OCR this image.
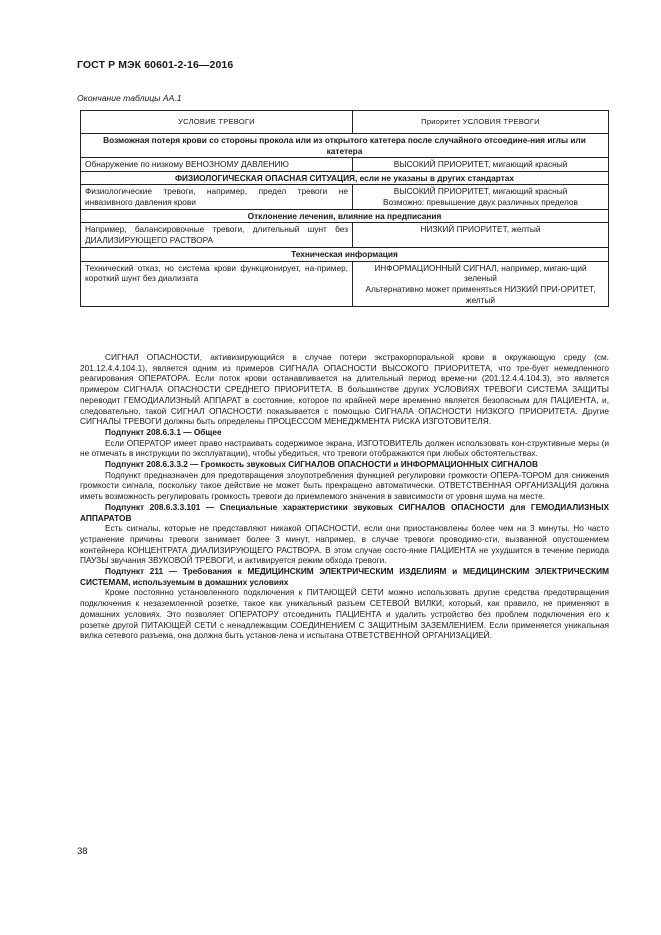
ГОСТ Р МЭК 60601-2-16—2016
Окончание таблицы АА.1
УСЛОВИЕ ТРЕВОГИ	Приоритет УСЛОВИЯ ТРЕВОГИ
Возможная потеря крови со стороны прокола или из открытого катетера после случайного отсоедине-ния иглы или катетера	
Обнаружение по низкому ВЕНОЗНОМУ ДАВЛЕНИЮ	ВЫСОКИЙ ПРИОРИТЕТ, мигающий красный
ФИЗИОЛОГИЧЕСКАЯ ОПАСНАЯ СИТУАЦИЯ, если не указаны в других стандартах	
Физиологические тревоги, например, предел тревоги не инвазивного давления крови	ВЫСОКИЙ ПРИОРИТЕТ, мигающий красный
Возможно: превышение двух различных пределов

Отклонение лечения, влияние на предписания	
Например, балансировочные тревоги, длительный шунт без ДИАЛИЗИРУЮЩЕГО РАСТВОРА	НИЗКИЙ ПРИОРИТЕТ, желтый
Техническая информация	
Технический отказ, но система крови функционирует, на-пример, короткий шунт без диализата	ИНФОРМАЦИОННЫЙ СИГНАЛ, например, мигаю-щий зеленый
Альтернативно может применяться НИЗКИЙ ПРИ-ОРИТЕТ, желтый

СИГНАЛ ОПАСНОСТИ, активизирующийся в случае потери экстракорпоральной крови в окружающую среду (см. 201.12.4.4.104.1), является одним из примеров СИГНАЛА ОПАСНОСТИ ВЫСОКОГО ПРИОРИТЕТА, что тре-бует немедленного реагирования ОПЕРАТОРА. Если поток крови останавливается на длительный период време-ни (201.12.4.4.104.3), это является примером СИГНАЛА ОПАСНОСТИ СРЕДНЕГО ПРИОРИТЕТА. В большинстве других УСЛОВИЯХ ТРЕВОГИ СИСТЕМА ЗАЩИТЫ переводит ГЕМОДИАЛИЗНЫЙ АППАРАТ в состояние, которое по крайней мере временно является безопасным для ПАЦИЕНТА, и, следовательно, такой СИГНАЛ ОПАСНОСТИ показывается с помощью СИГНАЛА ОПАСНОСТИ НИЗКОГО ПРИОРИТЕТА. Другие СИГНАЛЫ ТРЕВОГИ должны быть определены ПРОЦЕССОМ МЕНЕДЖМЕНТА РИСКА ИЗГОТОВИТЕЛЯ.

Подпункт 208.6.3.1 — Общее

Если ОПЕРАТОР имеет право настраивать содержимое экрана, ИЗГОТОВИТЕЛЬ должен использовать кон-структивные меры (и не отмечать в инструкции по эксплуатации), чтобы убедиться, что тревоги отображаются при любых обстоятельствах.

Подпункт 208.6.3.3.2 — Громкость звуковых СИГНАЛОВ ОПАСНОСТИ и ИНФОРМАЦИОННЫХ СИГНАЛОВ

Подпункт предназначен для предотвращения злоупотребления функцией регулировки громкости ОПЕРА-ТОРОМ для снижения громкости сигнала, поскольку такое действие не может быть прекращено автоматически. ОТВЕТСТВЕННАЯ ОРГАНИЗАЦИЯ должна иметь возможность регулировать громкость тревоги до приемлемого значения в зависимости от уровня шума на месте.

Подпункт 208.6.3.3.101 — Специальные характеристики звуковых СИГНАЛОВ ОПАСНОСТИ для ГЕМОДИАЛИЗНЫХ АППАРАТОВ

Есть сигналы, которые не представляют никакой ОПАСНОСТИ, если они приостановлены более чем на 3 минуты. Но часто устранение причины тревоги занимает более 3 минут, например, в случае тревоги проводимо-сти, вызванной опустошением контейнера КОНЦЕНТРАТА ДИАЛИЗИРУЮЩЕГО РАСТВОРА. В этом случае состо-яние ПАЦИЕНТА не ухудшится в течение периода ПАУЗЫ звучания ЗВУКОВОЙ ТРЕВОГИ, и активируется режим обхода тревоги.

Подпункт 211 — Требования к МЕДИЦИНСКИМ ЭЛЕКТРИЧЕСКИМ ИЗДЕЛИЯМ и МЕДИЦИНСКИМ ЭЛЕКТРИЧЕСКИМ СИСТЕМАМ, используемым в домашних условиях

Кроме постоянно установленного подключения к ПИТАЮЩЕЙ СЕТИ можно использовать другие средства предотвращения подключения к незаземленной розетке, такое как уникальный разъем СЕТЕВОЙ ВИЛКИ, который, как правило, не применяют в домашних условиях. Это позволяет ОПЕРАТОРУ отсоединить ПАЦИЕНТА и удалить устройство без проблем подключения его к розетке другой ПИТАЮЩЕЙ СЕТИ с ненадлежащим СОЕДИНЕНИЕМ С ЗАЩИТНЫМ ЗАЗЕМЛЕНИЕМ. Если применяется уникальная вилка сетевого разъема, она должна быть установ-лена и испытана ОТВЕТСТВЕННОЙ ОРГАНИЗАЦИЕЙ.

38
